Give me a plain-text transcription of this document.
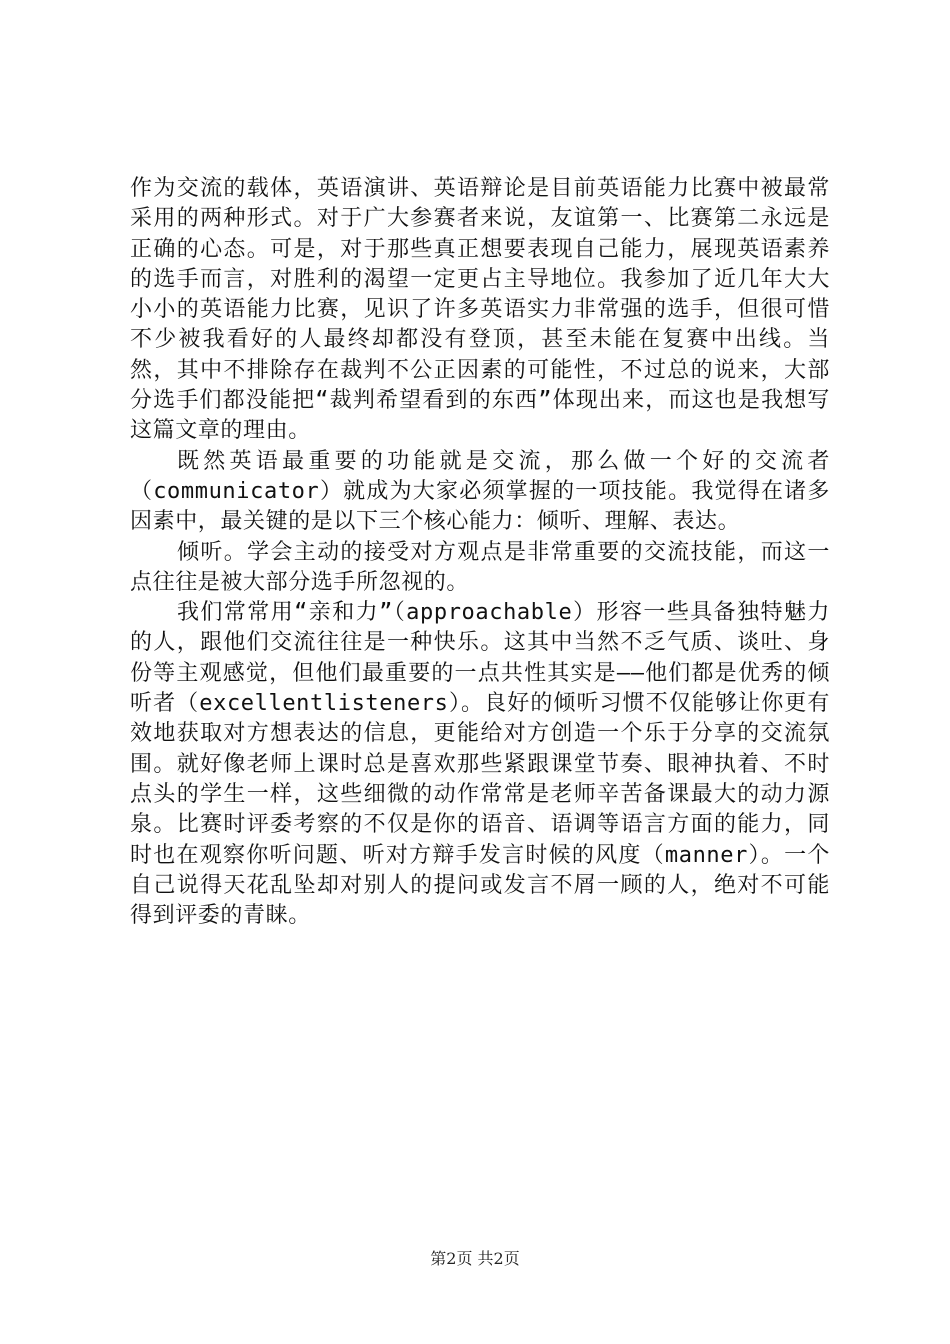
作为交流的载体，英语演讲、英语辩论是目前英语能力比赛中被最常采用的两种形式。对于广大参赛者来说，友谊第一、比赛第二永远是正确的心态。可是，对于那些真正想要表现自己能力，展现英语素养的选手而言，对胜利的渴望一定更占主导地位。我参加了近几年大大小小的英语能力比赛，见识了许多英语实力非常强的选手，但很可惜不少被我看好的人最终却都没有登顶，甚至未能在复赛中出线。当然，其中不排除存在裁判不公正因素的可能性，不过总的说来，大部分选手们都没能把“裁判希望看到的东西”体现出来，而这也是我想写这篇文章的理由。

既然英语最重要的功能就是交流，那么做一个好的交流者（communicator）就成为大家必须掌握的一项技能。我觉得在诸多因素中，最关键的是以下三个核心能力：倾听、理解、表达。

倾听。学会主动的接受对方观点是非常重要的交流技能，而这一点往往是被大部分选手所忽视的。

我们常常用“亲和力”（approachable）形容一些具备独特魅力的人，跟他们交流往往是一种快乐。这其中当然不乏气质、谈吐、身份等主观感觉，但他们最重要的一点共性其实是——他们都是优秀的倾听者（excellentlisteners）。良好的倾听习惯不仅能够让你更有效地获取对方想表达的信息，更能给对方创造一个乐于分享的交流氛围。就好像老师上课时总是喜欢那些紧跟课堂节奏、眼神执着、不时点头的学生一样，这些细微的动作常常是老师辛苦备课最大的动力源泉。比赛时评委考察的不仅是你的语音、语调等语言方面的能力，同时也在观察你听问题、听对方辩手发言时候的风度（manner）。一个自己说得天花乱坠却对别人的提问或发言不屑一顾的人，绝对不可能得到评委的青睐。

第2页 共2页
